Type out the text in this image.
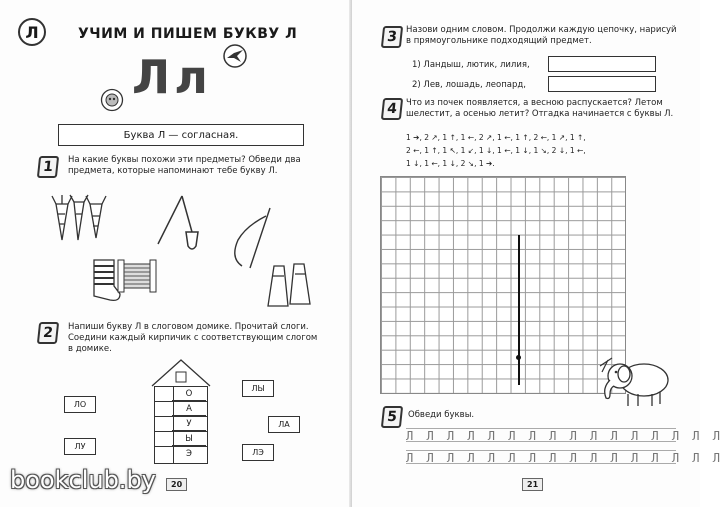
Л	УЧИМ И ПИШЕМ БУКВУ Л
Лл
Буква Л — согласная.
1	На какие буквы похожи эти предметы? Обведи два предмета, которые напоминают тебе букву Л.
2	Напиши букву Л в слоговом домике. Прочитай слоги. Соедини каждый кирпичик с соответствующим слогом в домике.
О
А
У
Ы
Э
ЛО
ЛУ
ЛЫ
ЛА
ЛЭ
20
3 Назови одним словом. Продолжи каждую цепочку, нарисуй в прямоугольнике подходящий предмет.
1) Ландыш, лютик, лилия,
2) Лев, лошадь, леопард,
4 Что из почек появляется, а весною распускается? Летом шелестит, а осенью летит? Отгадка начинается с буквы Л.
1 ➔, 2 ↗, 1 ↑, 1 ←, 2 ↗, 1 ←, 1 ↑, 2 ←, 1 ↗, 1 ↑,
2 ←, 1 ↑, 1 ↖, 1 ↙, 1 ↓, 1 ←, 1 ↓, 1 ↘, 2 ↓, 1 ←,
1 ↓, 1 ←, 1 ↓, 2 ↘, 1 ➔.
5	Обведи буквы.
Л Л Л Л Л Л Л Л Л Л Л Л Л Л Л Л
Л Л Л Л Л Л Л Л Л Л Л Л Л Л Л Л
21
bookclub.by
